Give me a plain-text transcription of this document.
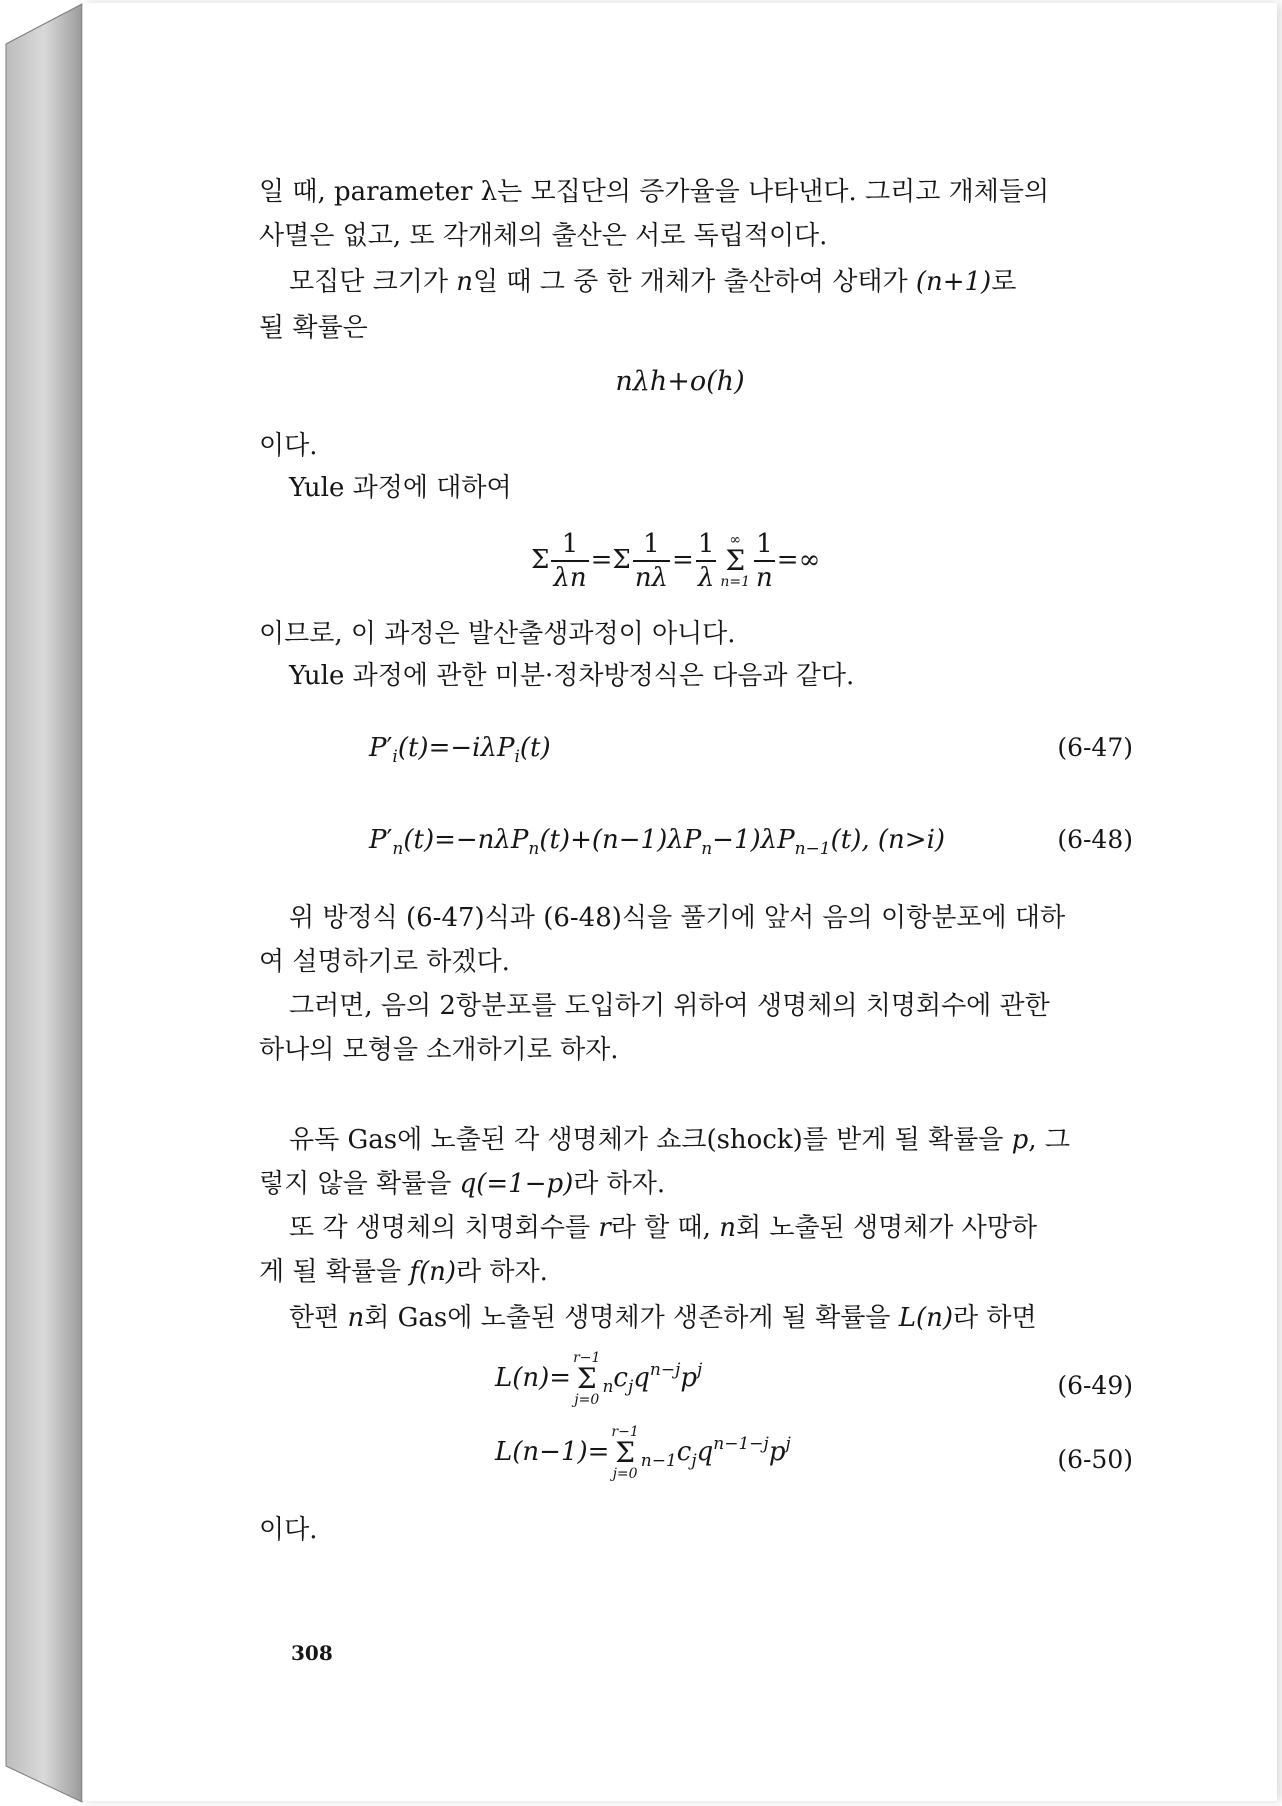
일 때, parameter λ는 모집단의 증가율을 나타낸다. 그리고 개체들의
사멸은 없고, 또 각개체의 출산은 서로 독립적이다.
모집단 크기가 n일 때 그 중 한 개체가 출산하여 상태가 (n+1)로
될 확률은
nλh+o(h)
이다.
Yule 과정에 대하여
Σ $\frac{1}{\lambda n} =\Sigma \frac{1}{n\lambda} = \frac{1}{\lambda}$ ∞
Σ
$n=1 \frac{1}{n}$ =∞
이므로, 이 과정은 발산출생과정이 아니다.
Yule 과정에 관한 미분·정차방정식은 다음과 같다.
$P'_i(t)=-i\lambda P_i(t)$	(6-47)
$P'_n(t)=-n\lambda P_n(t)+(n-1)\lambda P_n-1)\lambda P_{n-1}(t)$, (n>i)	(6-48)
위 방정식 (6-47)식과 (6-48)식을 풀기에 앞서 음의 이항분포에 대하
여 설명하기로 하겠다.
그러면, 음의 2항분포를 도입하기 위하여 생명체의 치명회수에 관한
하나의 모형을 소개하기로 하자.
유독 Gas에 노출된 각 생명체가 쇼크(shock)를 받게 될 확률을 p, 그
렇지 않을 확률을 q(=1−p)라 하자.
또 각 생명체의 치명회수를 r라 할 때, n회 노출된 생명체가 사망하
게 될 확률을 f(n)라 하자.
한편 n회 Gas에 노출된 생명체가 생존하게 될 확률을 L(n)라 하면
L(n)=
r−1
Σ
j=0
$_nc_jq^{n-j}p^j$
(6-49)
L(n−1)=
r−1
Σ
j=0
$_{n-1}c_jq^{n-1-j}p^j$
(6-50)
이다.
308
